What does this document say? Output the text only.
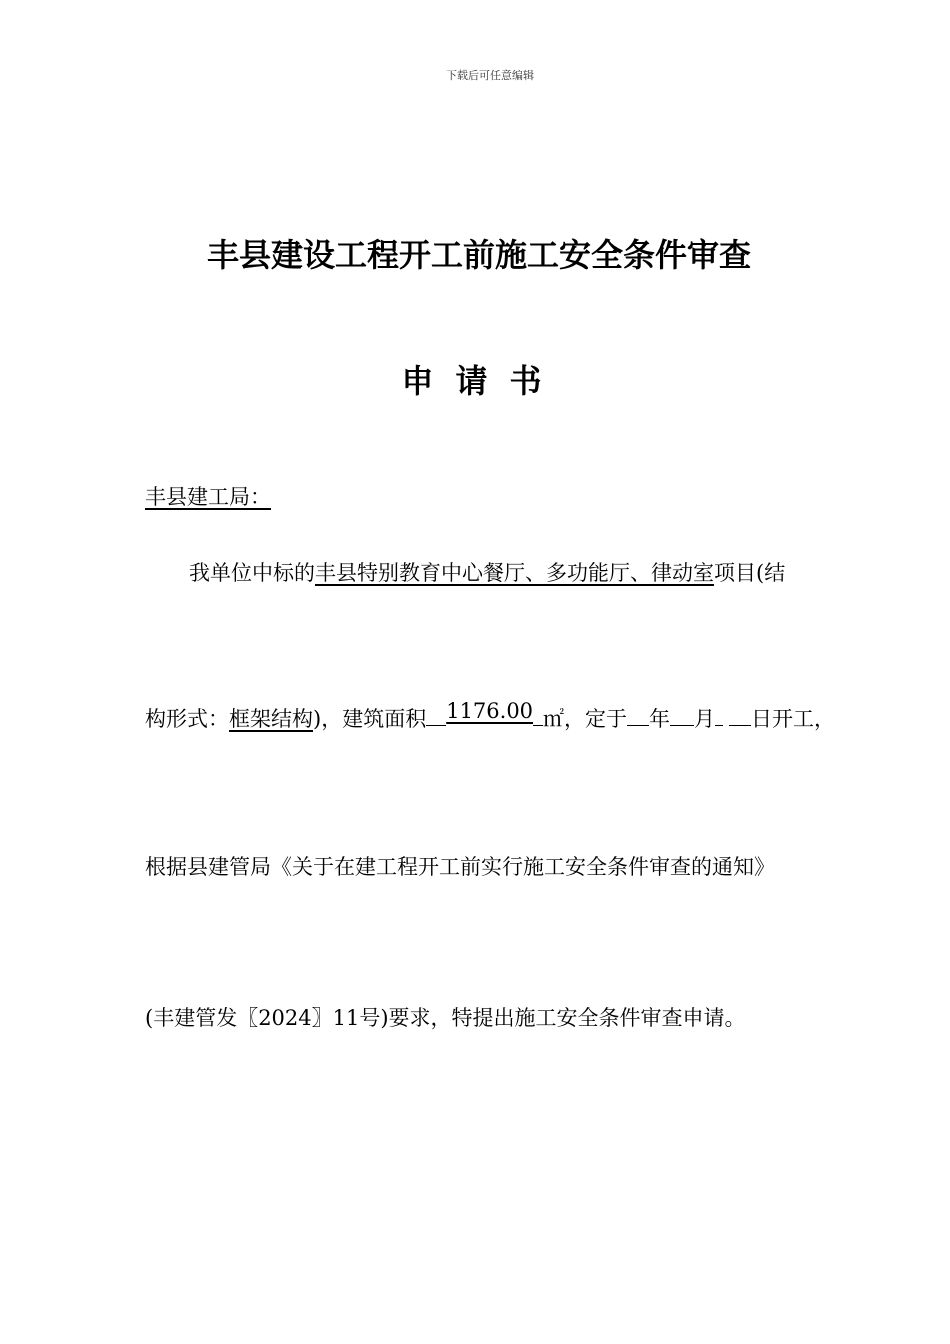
下载后可任意编辑
丰县建设工程开工前施工安全条件审查
申请书
丰县建工局：
我单位中标的丰县特别教育中心餐厅、多功能厅、律动室项目(结
构形式：框架结构)，建筑面积 1176.00 ㎡，定于 年 月 日开工，
根据县建管局《关于在建工程开工前实行施工安全条件审查的通知》
(丰建管发〖2024〗11号)要求，特提出施工安全条件审查申请。
